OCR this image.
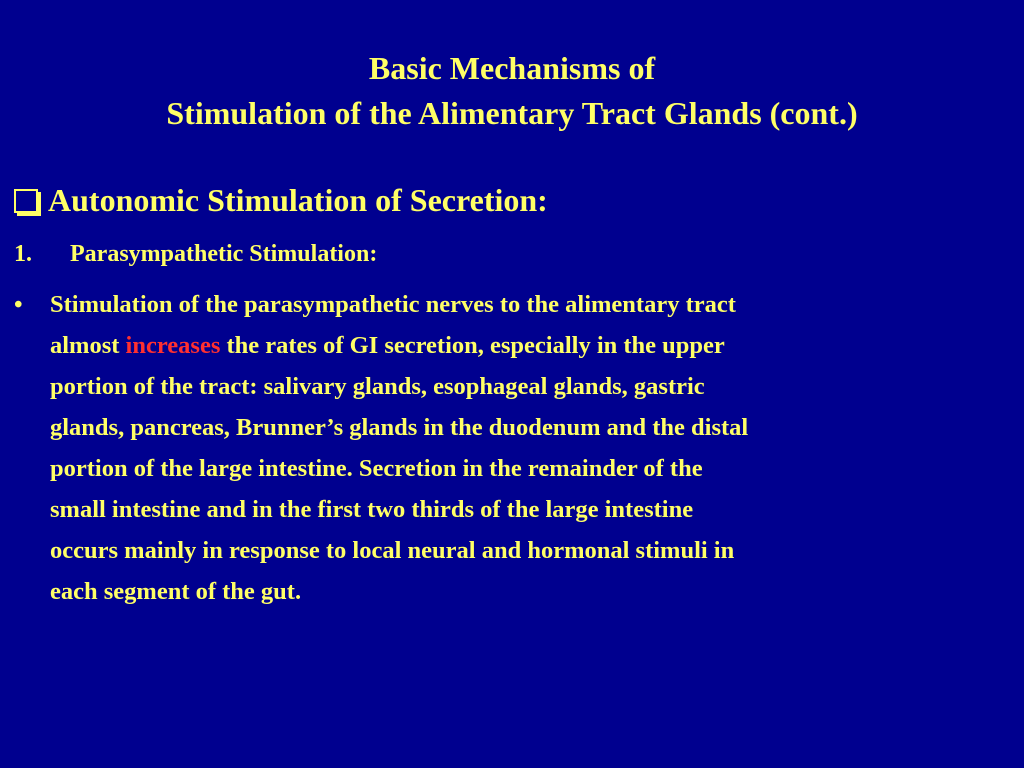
Basic Mechanisms of
Stimulation of the Alimentary Tract Glands (cont.)
Autonomic Stimulation of Secretion:
1. Parasympathetic Stimulation:
•	Stimulation of the parasympathetic nerves to the alimentary tract
almost increases the rates of GI secretion, especially in the upper
portion of the tract: salivary glands, esophageal glands, gastric
glands, pancreas, Brunner’s glands in the duodenum and the distal
portion of the large intestine. Secretion in the remainder of the
small intestine and in the first two thirds of the large intestine
occurs mainly in response to local neural and hormonal stimuli in
each segment of the gut.
